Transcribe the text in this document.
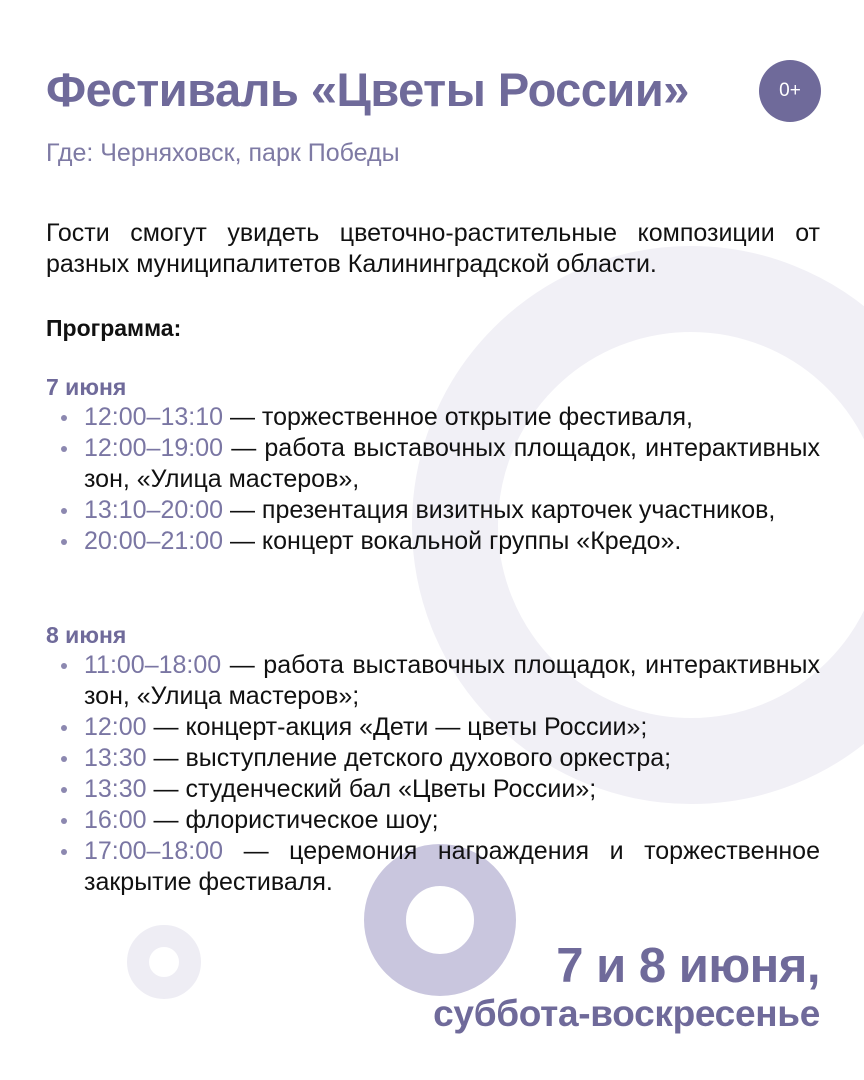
Фестиваль «Цветы России»	0+
Где: Черняховск, парк Победы
Гости смогут увидеть цветочно-растительные композиции от разных муниципалитетов Калининградской области.
Программа:
7 июня
12:00–13:10 — торжественное открытие фестиваля,
12:00–19:00 — работа выставочных площадок, интерактивных зон, «Улица мастеров»,
13:10–20:00 — презентация визитных карточек участников,
20:00–21:00 — концерт вокальной группы «Кредо».
8 июня
11:00–18:00 — работа выставочных площадок, интерактивных зон, «Улица мастеров»;
12:00 — концерт-акция «Дети — цветы России»;
13:30 — выступление детского духового оркестра;
13:30 — студенческий бал «Цветы России»;
16:00 — флористическое шоу;
17:00–18:00 — церемония награждения и торжественное закрытие фестиваля.
7 и 8 июня,
суббота-воскресенье
